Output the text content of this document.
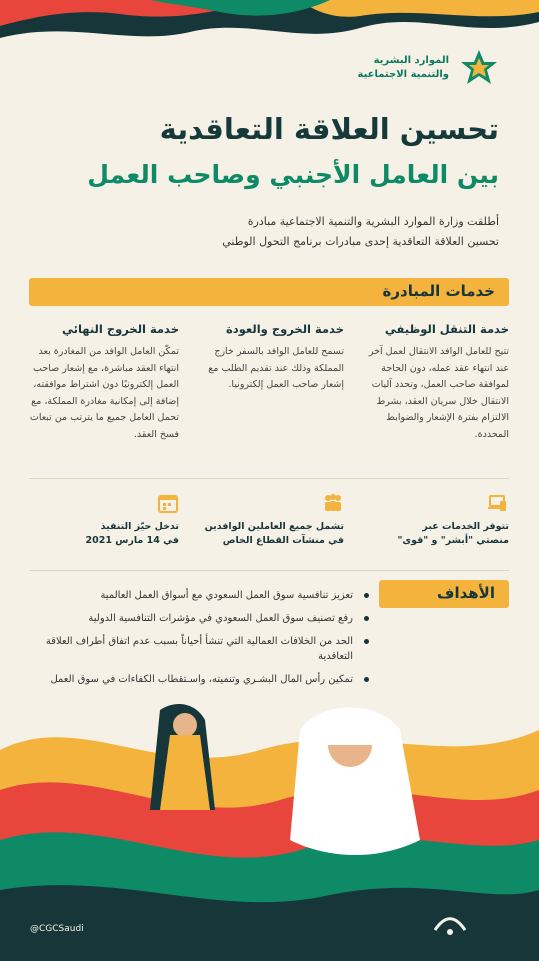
الموارد البشرية
والتنمية الاجتماعية
تحسين العلاقة التعاقدية
بين العامل الأجنبي وصاحب العمل
أطلقت وزارة الموارد البشرية والتنمية الاجتماعية مبادرة
تحسين العلاقة التعاقدية إحدى مبادرات برنامج التحول الوطني
خدمات المبادرة
خدمة التنقل الوظيفي

تتيح للعامل الوافد الانتقال لعمل آخر عند انتهاء عقد عمله، دون الحاجة لموافقة صاحب العمل، وتحدد آليات الانتقال خلال سريان العقد، بشرط الالتزام بفترة الإشعار والضوابط المحددة.

خدمة الخروج والعودة

تسمح للعامل الوافد بالسفر خارج المملكة وذلك عند تقديم الطلب مع إشعار صاحب العمل إلكترونيا.

خدمة الخروج النهائي

تمكّن العامل الوافد من المغادرة بعد انتهاء العقد مباشرة، مع إشعار صاحب العمل إلكترونيًا دون اشتراط موافقته، إضافة إلى إمكانية مغادرة المملكة، مع تحمل العامل جميع ما يترتب من تبعات فسخ العقد.

تتوفر الخدمات عبر

منصتي "أبشر" و "قوى"

تشمل جميع العاملين الوافدين

في منشآت القطاع الخاص

تدخل حيّز التنفيذ

في 14 مارس 2021

الأهداف
تعزيز تنافسية سوق العمل السعودي مع أسواق العمل العالمية
رفع تصنيف سوق العمل السعودي في مؤشرات التنافسية الدولية
الحد من الخلافات العمالية التي تنشأ أحياناً بسبب عدم اتفاق أطراف العلاقة التعاقدية
تمكين رأس المال البشـري وتنميته، واسـتقطاب الكفاءات في سوق العمل
@CGCSaudi
